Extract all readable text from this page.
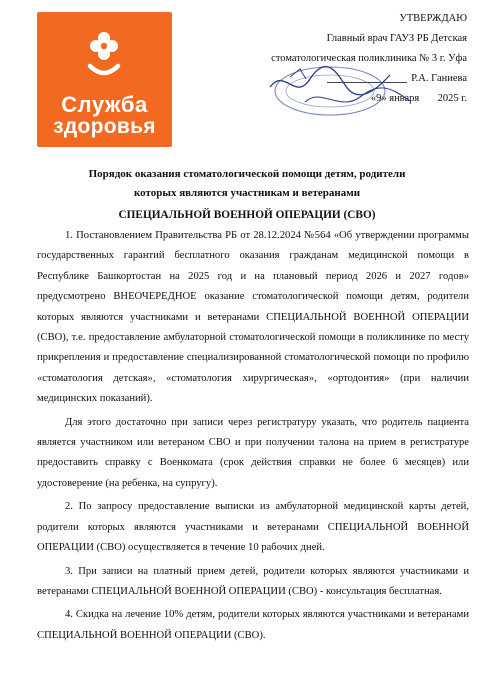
Служба
здоровья
УТВЕРЖДАЮ
Главный врач ГАУЗ РБ Детская
стоматологическая поликлиника № 3 г. Уфа
Р.А. Ганиева
«9» января 2025 г.
Порядок оказания стоматологической помощи детям, родители
которых являются участникам и ветеранами
СПЕЦИАЛЬНОЙ ВОЕННОЙ ОПЕРАЦИИ (СВО)

1. Постановлением Правительства РБ от 28.12.2024 №564 «Об утверждении программы государственных гарантий бесплатного оказания гражданам медицинской помощи в Республике Башкортостан на 2025 год и на плановый период 2026 и 2027 годов» предусмотрено ВНЕОЧЕРЕДНОЕ оказание стоматологической помощи детям, родители которых являются участниками и ветеранами СПЕЦИАЛЬНОЙ ВОЕННОЙ ОПЕРАЦИИ (СВО), т.е. предоставление амбулаторной стоматологической помощи в поликлинике по месту прикрепления и предоставление специализированной стоматологической помощи по профилю «стоматология детская», «стоматология хирургическая», «ортодонтия» (при наличии медицинских показаний).

Для этого достаточно при записи через регистратуру указать, что родитель пациента является участником или ветераном СВО и при получении талона на прием в регистратуре предоставить справку с Военкомата (срок действия справки не более 6 месяцев) или удостоверение (на ребенка, на супругу).

2. По запросу предоставление выписки из амбулаторной медицинской карты детей, родители которых являются участниками и ветеранами СПЕЦИАЛЬНОЙ ВОЕННОЙ ОПЕРАЦИИ (СВО) осуществляется в течение 10 рабочих дней.

3. При записи на платный прием детей, родители которых являются участниками и ветеранами СПЕЦИАЛЬНОЙ ВОЕННОЙ ОПЕРАЦИИ (СВО) - консультация бесплатная.

4. Скидка на лечение 10% детям, родители которых являются участниками и ветеранами СПЕЦИАЛЬНОЙ ВОЕННОЙ ОПЕРАЦИИ (СВО).
